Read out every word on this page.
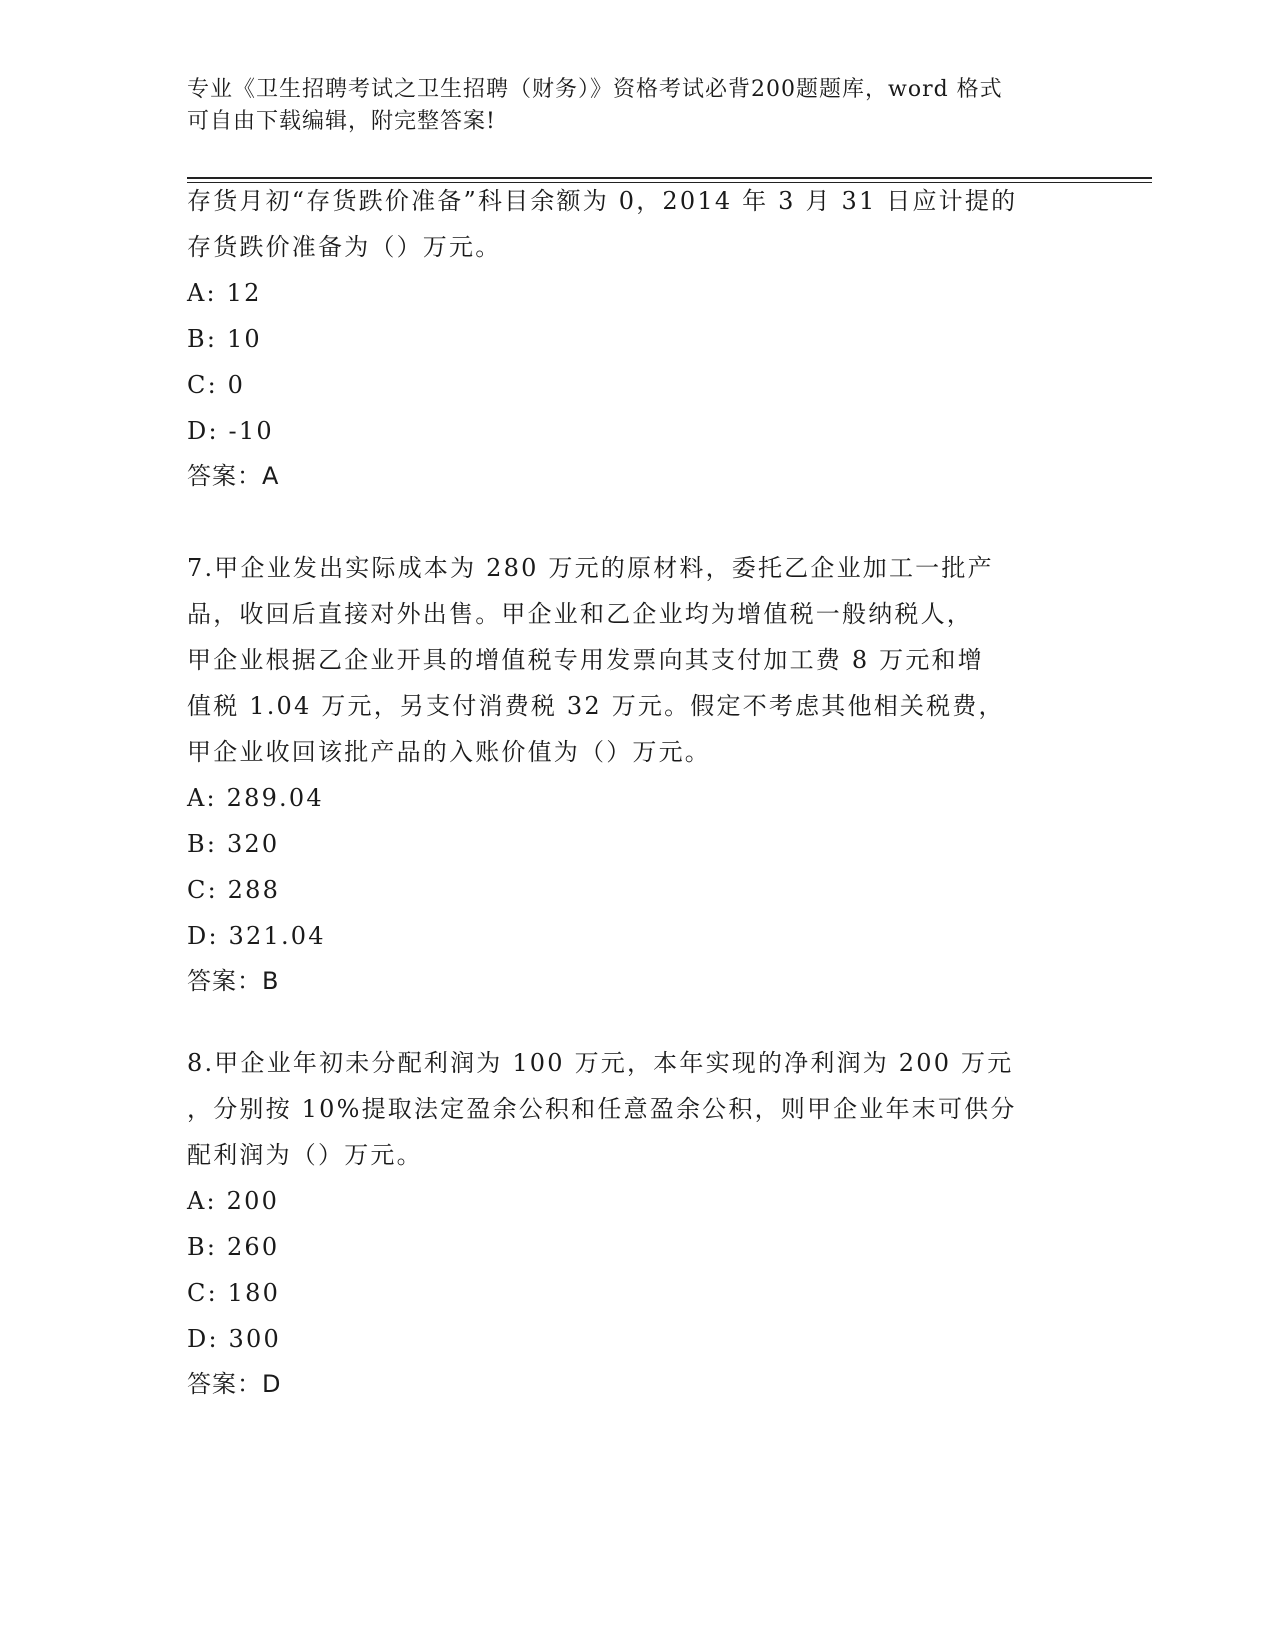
专业《卫生招聘考试之卫生招聘（财务）》资格考试必背200题题库，word 格式
可自由下载编辑，附完整答案!
存货月初“存货跌价准备”科目余额为 0，2014 年 3 月 31 日应计提的
存货跌价准备为（）万元。
A: 12
B: 10
C: 0
D: -10
答案：A
7.甲企业发出实际成本为 280 万元的原材料，委托乙企业加工一批产
品，收回后直接对外出售。甲企业和乙企业均为增值税一般纳税人，
甲企业根据乙企业开具的增值税专用发票向其支付加工费 8 万元和增
值税 1.04 万元，另支付消费税 32 万元。假定不考虑其他相关税费，
甲企业收回该批产品的入账价值为（）万元。
A: 289.04
B: 320
C: 288
D: 321.04
答案：B
8.甲企业年初未分配利润为 100 万元，本年实现的净利润为 200 万元
，分别按 10%提取法定盈余公积和任意盈余公积，则甲企业年末可供分
配利润为（）万元。
A: 200
B: 260
C: 180
D: 300
答案：D
